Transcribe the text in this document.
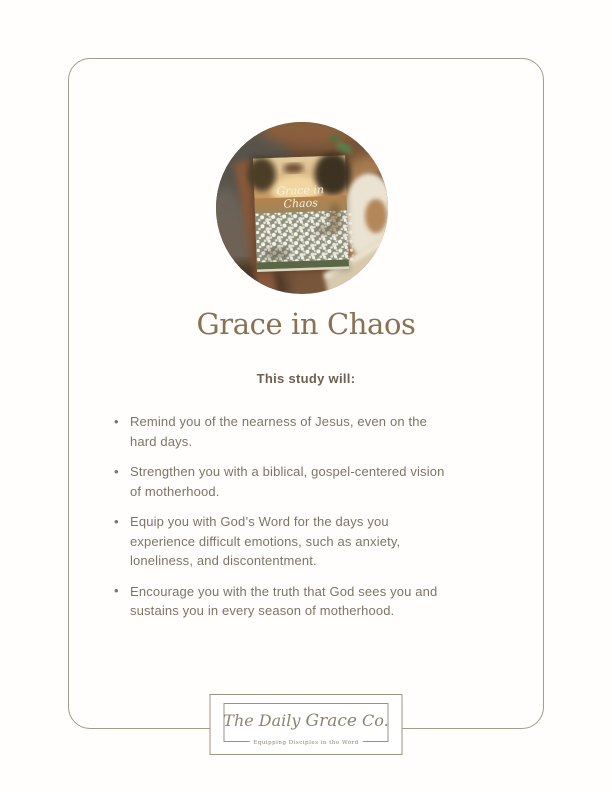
Grace in
Chaos
Grace in Chaos
This study will:
• Remind you of the nearness of Jesus, even on the
hard days.
• Strengthen you with a biblical, gospel-centered vision
of motherhood.
• Equip you with God’s Word for the days you
experience difficult emotions, such as anxiety,
loneliness, and discontentment.
• Encourage you with the truth that God sees you and
sustains you in every season of motherhood.
The Daily Grace Co.
Equipping Disciples in the Word
